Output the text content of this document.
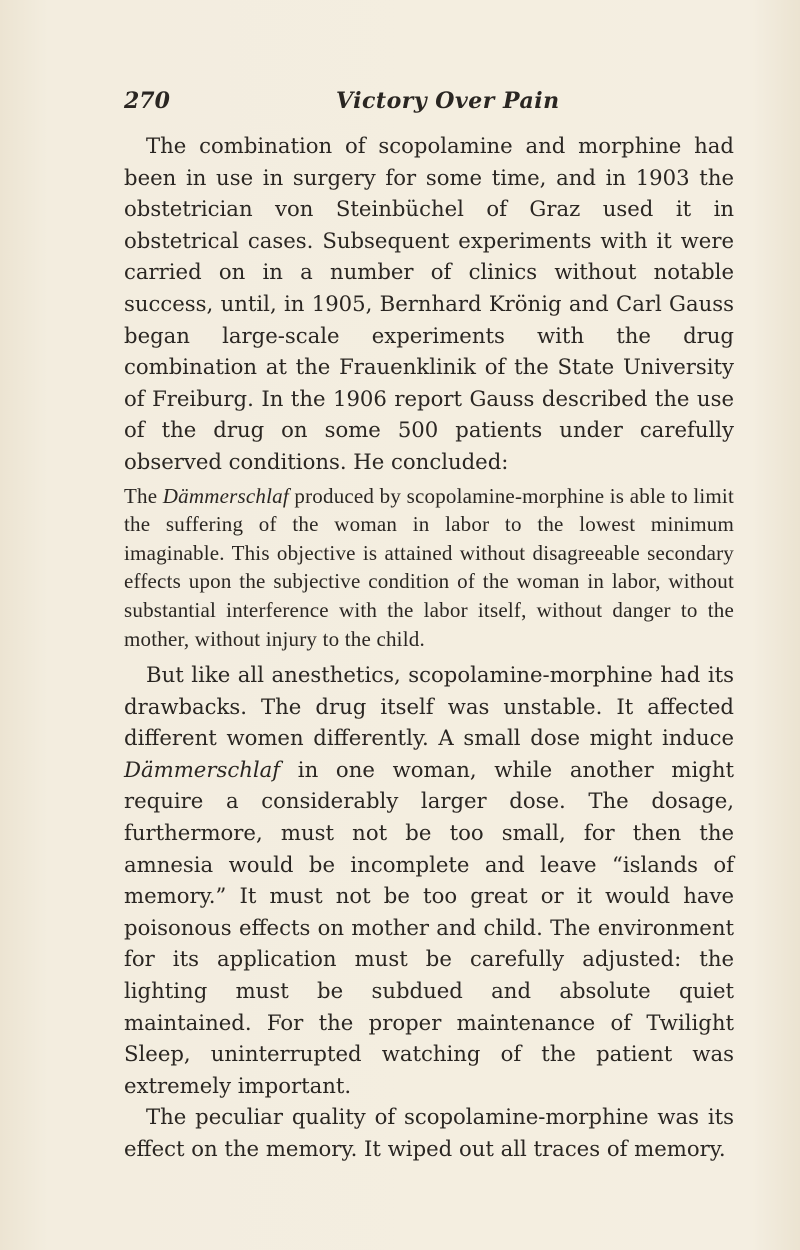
270	Victory Over Pain

The combination of scopolamine and morphine had been in use in surgery for some time, and in 1903 the obstetrician von Steinbüchel of Graz used it in obstetrical cases. Subsequent experiments with it were carried on in a number of clinics without notable success, until, in 1905, Bernhard Krönig and Carl Gauss began large-scale experiments with the drug combination at the Frauenklinik of the State University of Freiburg. In the 1906 report Gauss described the use of the drug on some 500 patients under carefully observed conditions. He concluded:

The Dämmerschlaf produced by scopolamine-morphine is able to limit the suffering of the woman in labor to the lowest minimum imaginable. This objective is attained without disagreeable secondary effects upon the subjective condition of the woman in labor, without substantial interference with the labor itself, without danger to the mother, without injury to the child.

But like all anesthetics, scopolamine-morphine had its drawbacks. The drug itself was unstable. It affected different women differently. A small dose might induce Dämmerschlaf in one woman, while another might require a considerably larger dose. The dosage, furthermore, must not be too small, for then the amnesia would be incomplete and leave “islands of memory.” It must not be too great or it would have poisonous effects on mother and child. The environment for its application must be carefully adjusted: the lighting must be subdued and absolute quiet maintained. For the proper maintenance of Twilight Sleep, uninterrupted watching of the patient was extremely important.

The peculiar quality of scopolamine-morphine was its effect on the memory. It wiped out all traces of memory.
